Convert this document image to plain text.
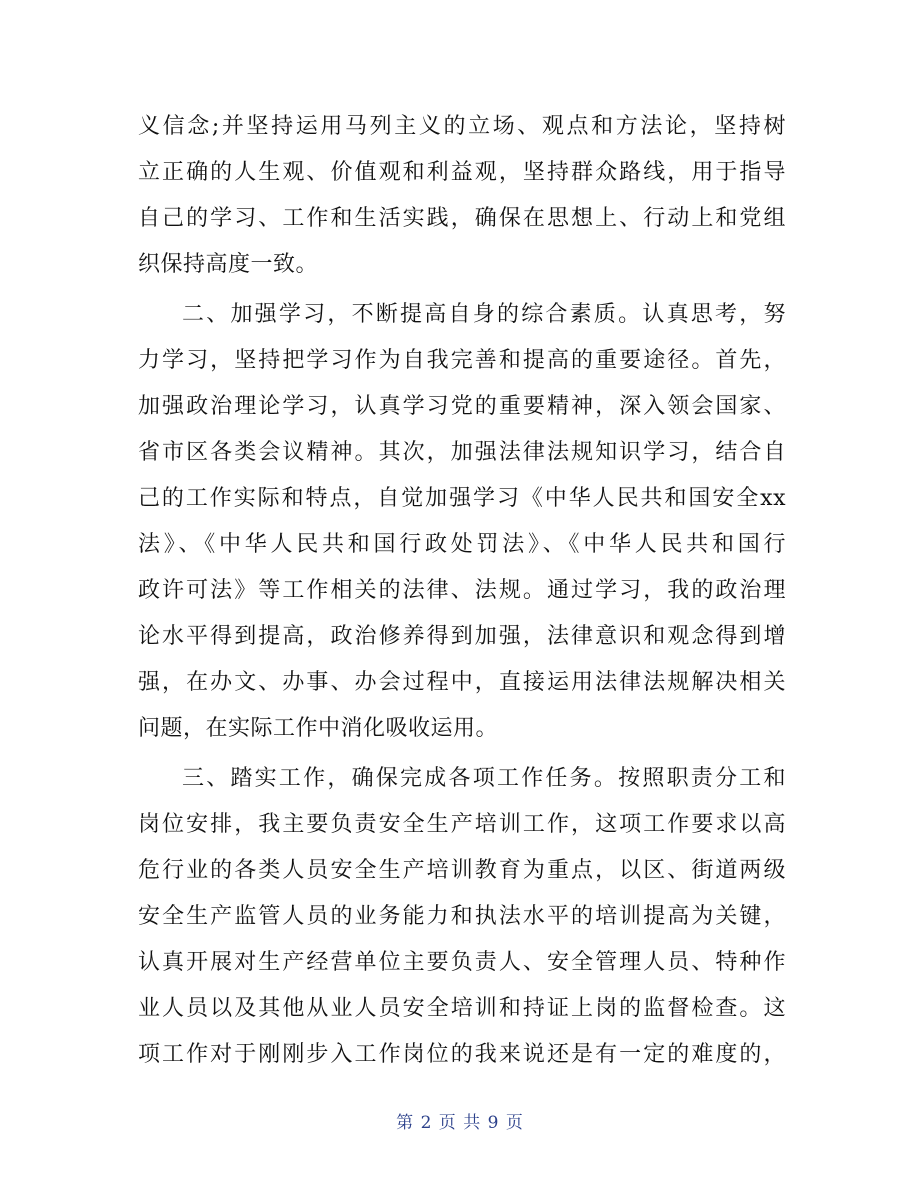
义信念;并坚持运用马列主义的立场、观点和方法论，坚持树
立正确的人生观、价值观和利益观，坚持群众路线，用于指导
自己的学习、工作和生活实践，确保在思想上、行动上和党组
织保持高度一致。
二、加强学习，不断提高自身的综合素质。认真思考，努
力学习，坚持把学习作为自我完善和提高的重要途径。首先，
加强政治理论学习，认真学习党的重要精神，深入领会国家、
省市区各类会议精神。其次，加强法律法规知识学习，结合自
己的工作实际和特点，自觉加强学习《中华人民共和国安全xx
法》、《中华人民共和国行政处罚法》、《中华人民共和国行
政许可法》等工作相关的法律、法规。通过学习，我的政治理
论水平得到提高，政治修养得到加强，法律意识和观念得到增
强，在办文、办事、办会过程中，直接运用法律法规解决相关
问题，在实际工作中消化吸收运用。
三、踏实工作，确保完成各项工作任务。按照职责分工和
岗位安排，我主要负责安全生产培训工作，这项工作要求以高
危行业的各类人员安全生产培训教育为重点，以区、街道两级
安全生产监管人员的业务能力和执法水平的培训提高为关键，
认真开展对生产经营单位主要负责人、安全管理人员、特种作
业人员以及其他从业人员安全培训和持证上岗的监督检查。这
项工作对于刚刚步入工作岗位的我来说还是有一定的难度的，
第 2 页 共 9 页
